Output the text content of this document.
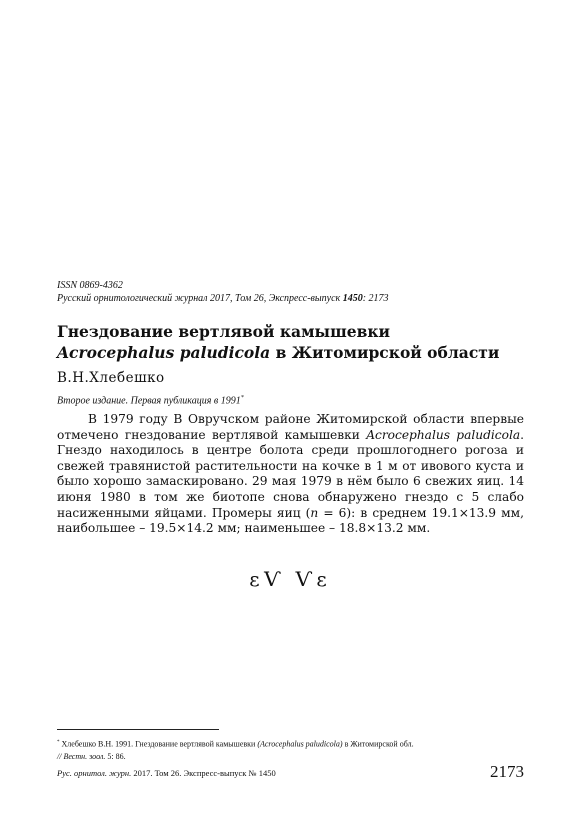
ISSN 0869-4362
Русский орнитологический журнал 2017, Том 26, Экспресс-выпуск 1450: 2173
Гнездование вертлявой камышевки
Acrocephalus paludicola в Житомирской области
В.Н.Хлебешко
Второе издание. Первая публикация в 1991*
В 1979 году В Овручском районе Житомирской области впервые отмечено гнездование вертлявой камышевки Acrocephalus paludicola. Гнездо находилось в центре болота среди прошлогоднего рогоза и свежей травянистой растительности на кочке в 1 м от ивового куста и было хорошо замаскировано. 29 мая 1979 в нём было 6 свежих яиц. 14 июня 1980 в том же биотопе снова обнаружено гнездо с 5 слабо насиженными яйцами. Промеры яиц (n = 6): в среднем 19.1×13.9 мм, наибольшее – 19.5×14.2 мм; наименьшее – 18.8×13.2 мм.
εѴ Ѵε
* Хлебешко В.Н. 1991. Гнездование вертлявой камышевки (Acrocephalus paludicola) в Житомирской обл.
// Вестн. зоол. 5: 86.
Рус. орнитол. журн. 2017. Том 26. Экспресс-выпуск № 1450	2173
